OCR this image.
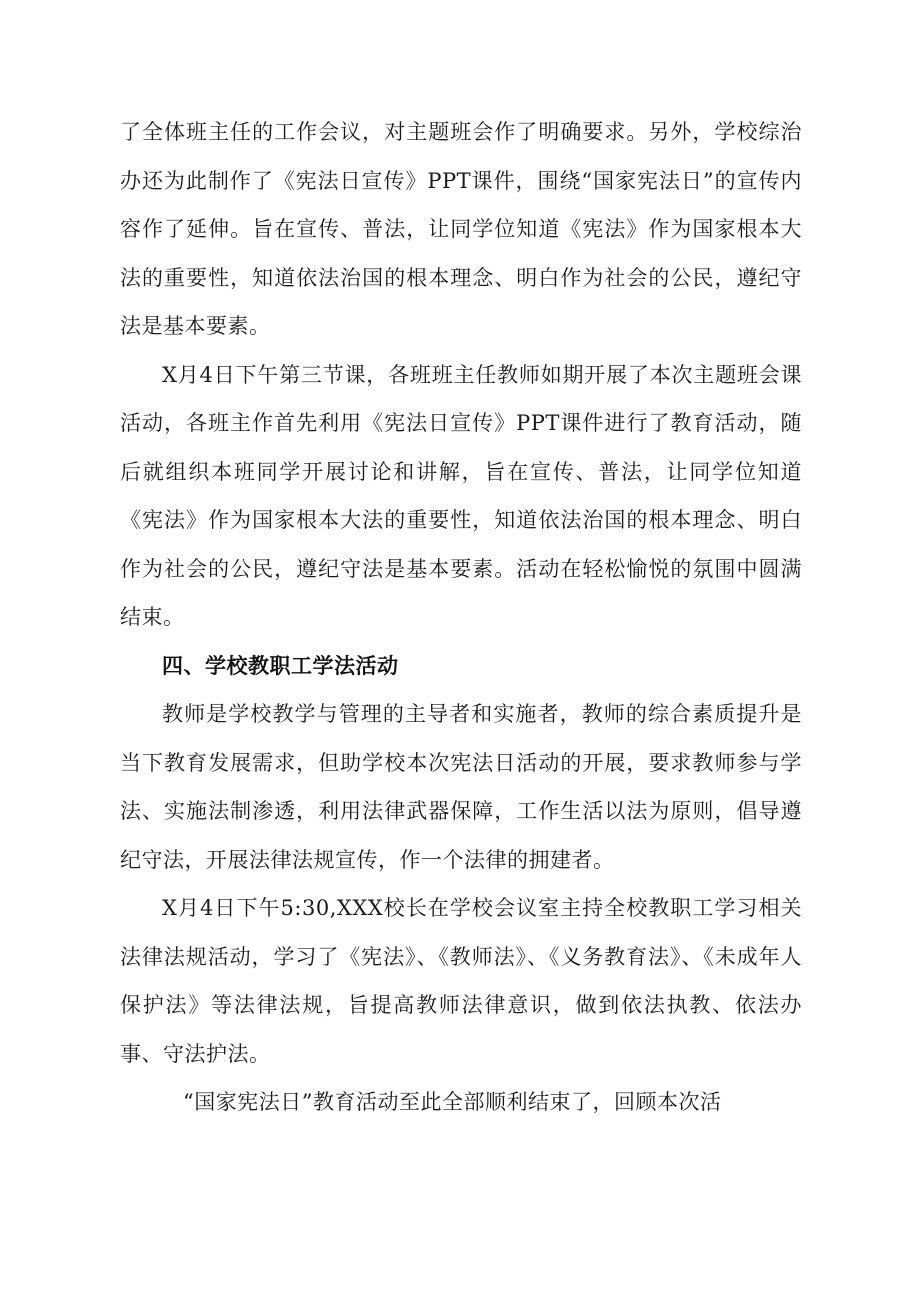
了全体班主任的工作会议，对主题班会作了明确要求。另外，学校综治办还为此制作了《宪法日宣传》PPT课件，围绕“国家宪法日”的宣传内容作了延伸。旨在宣传、普法，让同学位知道《宪法》作为国家根本大法的重要性，知道依法治国的根本理念、明白作为社会的公民，遵纪守法是基本要素。

X月4日下午第三节课，各班班主任教师如期开展了本次主题班会课活动，各班主作首先利用《宪法日宣传》PPT课件进行了教育活动，随后就组织本班同学开展讨论和讲解，旨在宣传、普法，让同学位知道《宪法》作为国家根本大法的重要性，知道依法治国的根本理念、明白作为社会的公民，遵纪守法是基本要素。活动在轻松愉悦的氛围中圆满结束。

四、学校教职工学法活动

教师是学校教学与管理的主导者和实施者，教师的综合素质提升是当下教育发展需求，但助学校本次宪法日活动的开展，要求教师参与学法、实施法制渗透，利用法律武器保障，工作生活以法为原则，倡导遵纪守法，开展法律法规宣传，作一个法律的拥建者。

X月4日下午5:30,XXX校长在学校会议室主持全校教职工学习相关法律法规活动，学习了《宪法》、《教师法》、《义务教育法》、《未成年人保护法》等法律法规，旨提高教师法律意识，做到依法执教、依法办事、守法护法。

“国家宪法日”教育活动至此全部顺利结束了，回顾本次活
